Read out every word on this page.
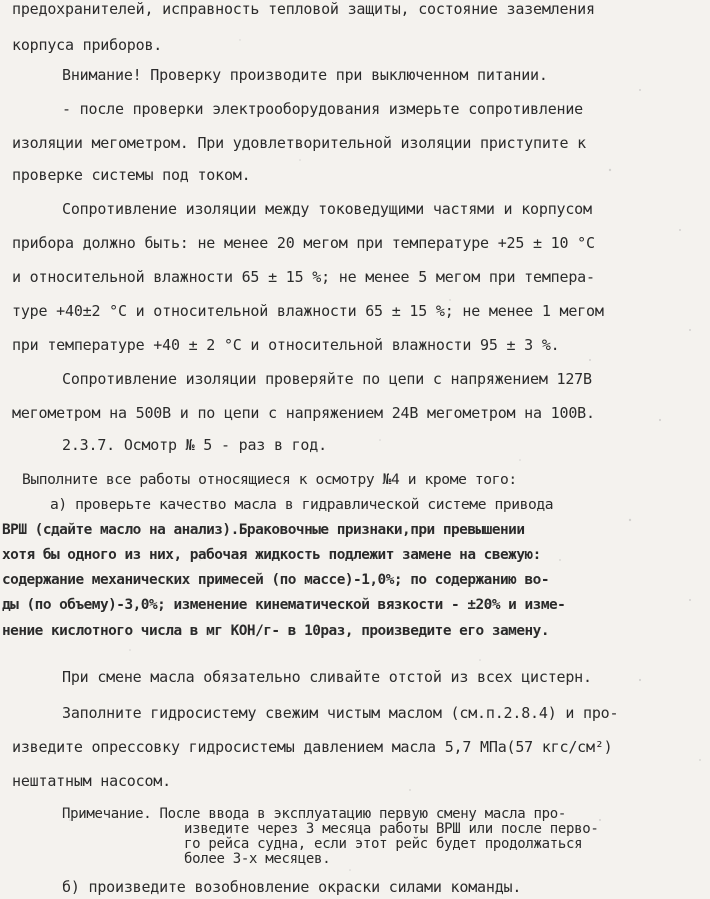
предохранителей, исправность тепловой защиты, состояние заземления
корпуса приборов.
Внимание! Проверку производите при выключенном питании.
- после проверки электрооборудования измерьте сопротивление
изоляции мегометром. При удовлетворительной изоляции приступите к
проверке системы под током.
Сопротивление изоляции между токоведущими частями и корпусом
прибора должно быть: не менее 20 мегом при температуре +25 ± 10 °С
и относительной влажности 65 ± 15 %; не менее 5 мегом при темпера-
туре +40±2 °С и относительной влажности 65 ± 15 %; не менее 1 мегом
при температуре +40 ± 2 °С и относительной влажности 95 ± 3 %.
Сопротивление изоляции проверяйте по цепи с напряжением 127В
мегометром на 500В и по цепи с напряжением 24В мегометром на 100В.
2.3.7. Осмотр № 5 - раз в год.
Выполните все работы относящиеся к осмотру №4 и кроме того:
а) проверьте качество масла в гидравлической системе привода
ВРШ (сдайте масло на анализ).Браковочные признаки,при превышении
хотя бы одного из них, рабочая жидкость подлежит замене на свежую:
содержание механических примесей (по массе)-1,0%; по содержанию во-
ды (по объему)-3,0%; изменение кинематической вязкости - ±20% и изме-
нение кислотного числа в мг КОН/г- в 10раз, произведите его замену.
При смене масла обязательно сливайте отстой из всех цистерн.
Заполните гидросистему свежим чистым маслом (см.п.2.8.4) и про-
изведите опрессовку гидросистемы давлением масла 5,7 МПа(57 кгс/см²)
нештатным насосом.
Примечание. После ввода в эксплуатацию первую смену масла про-
изведите через 3 месяца работы ВРШ или после перво-
го рейса судна, если этот рейс будет продолжаться
более 3-х месяцев.
б) произведите возобновление окраски силами команды.
